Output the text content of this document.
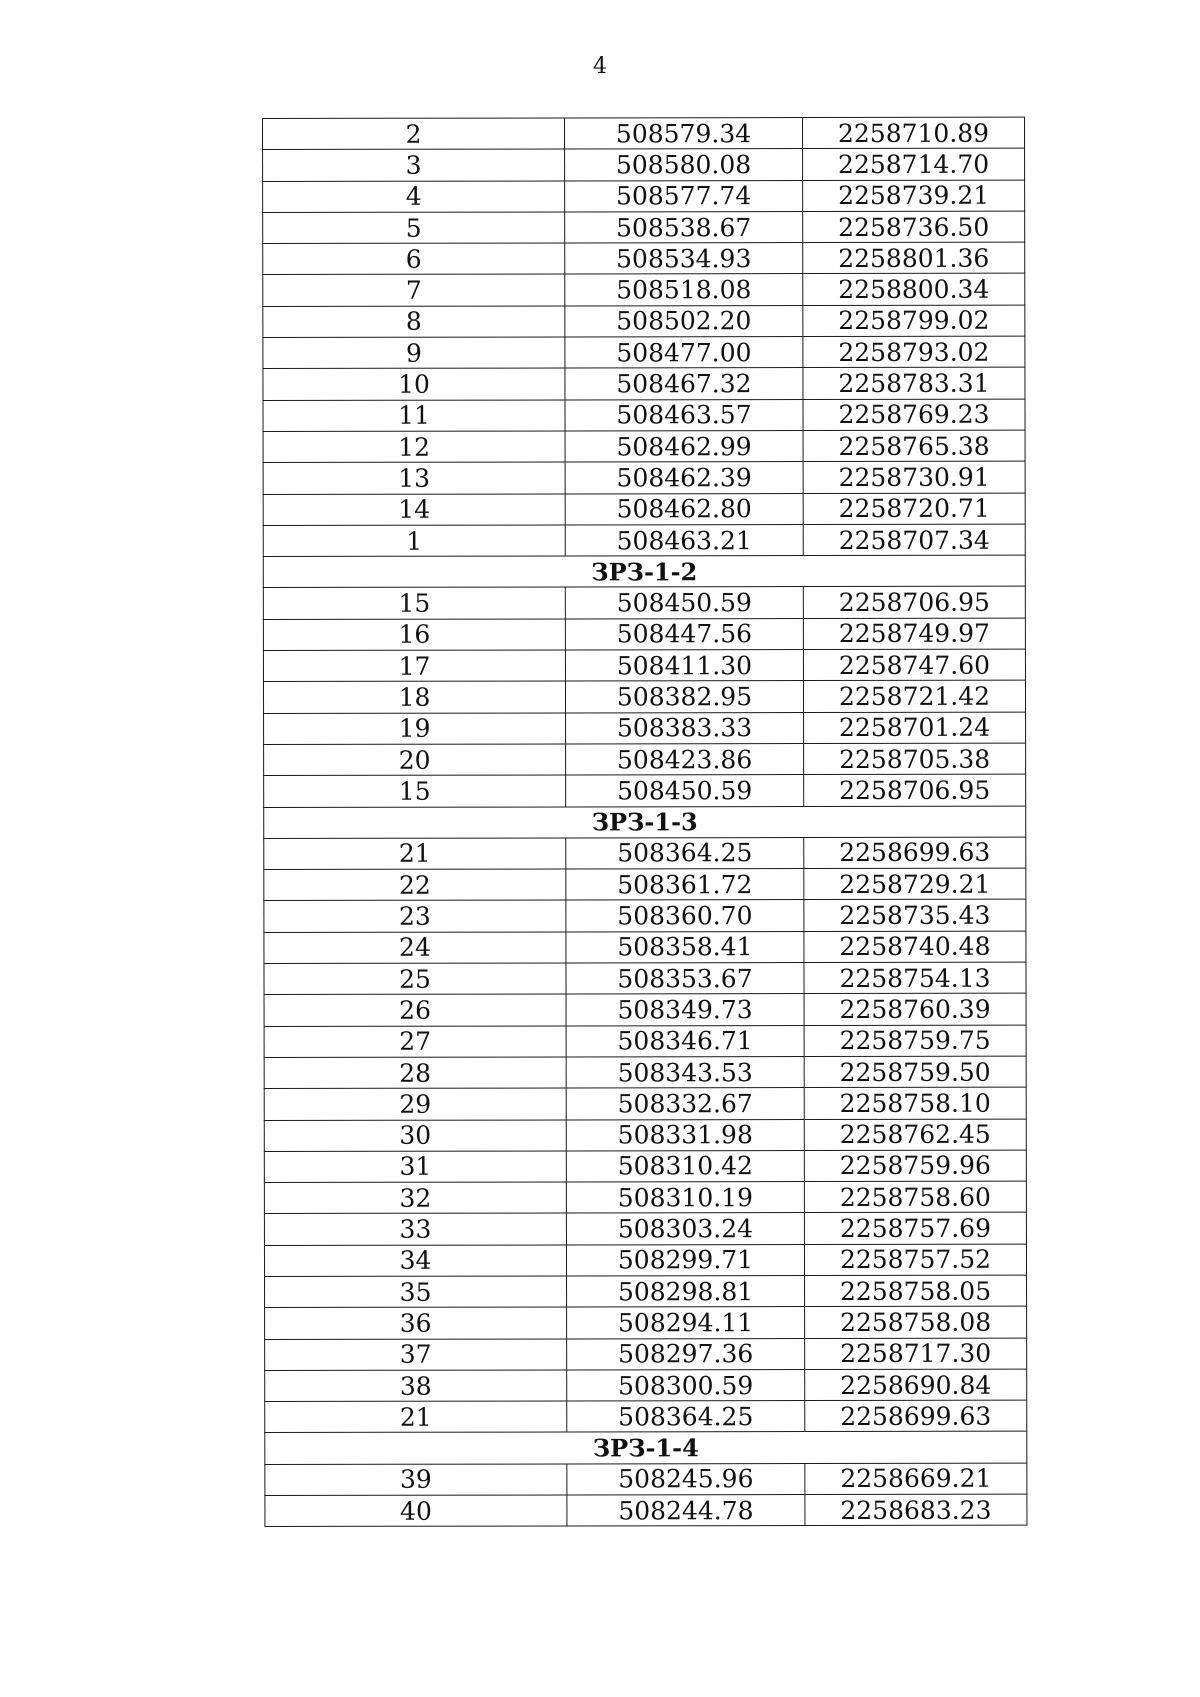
4
2	508579.34	2258710.89
3	508580.08	2258714.70
4	508577.74	2258739.21
5	508538.67	2258736.50
6	508534.93	2258801.36
7	508518.08	2258800.34
8	508502.20	2258799.02
9	508477.00	2258793.02
10	508467.32	2258783.31
11	508463.57	2258769.23
12	508462.99	2258765.38
13	508462.39	2258730.91
14	508462.80	2258720.71
1	508463.21	2258707.34
ЗРЗ-1-2		
15	508450.59	2258706.95
16	508447.56	2258749.97
17	508411.30	2258747.60
18	508382.95	2258721.42
19	508383.33	2258701.24
20	508423.86	2258705.38
15	508450.59	2258706.95
ЗРЗ-1-3		
21	508364.25	2258699.63
22	508361.72	2258729.21
23	508360.70	2258735.43
24	508358.41	2258740.48
25	508353.67	2258754.13
26	508349.73	2258760.39
27	508346.71	2258759.75
28	508343.53	2258759.50
29	508332.67	2258758.10
30	508331.98	2258762.45
31	508310.42	2258759.96
32	508310.19	2258758.60
33	508303.24	2258757.69
34	508299.71	2258757.52
35	508298.81	2258758.05
36	508294.11	2258758.08
37	508297.36	2258717.30
38	508300.59	2258690.84
21	508364.25	2258699.63
ЗРЗ-1-4		
39	508245.96	2258669.21
40	508244.78	2258683.23
